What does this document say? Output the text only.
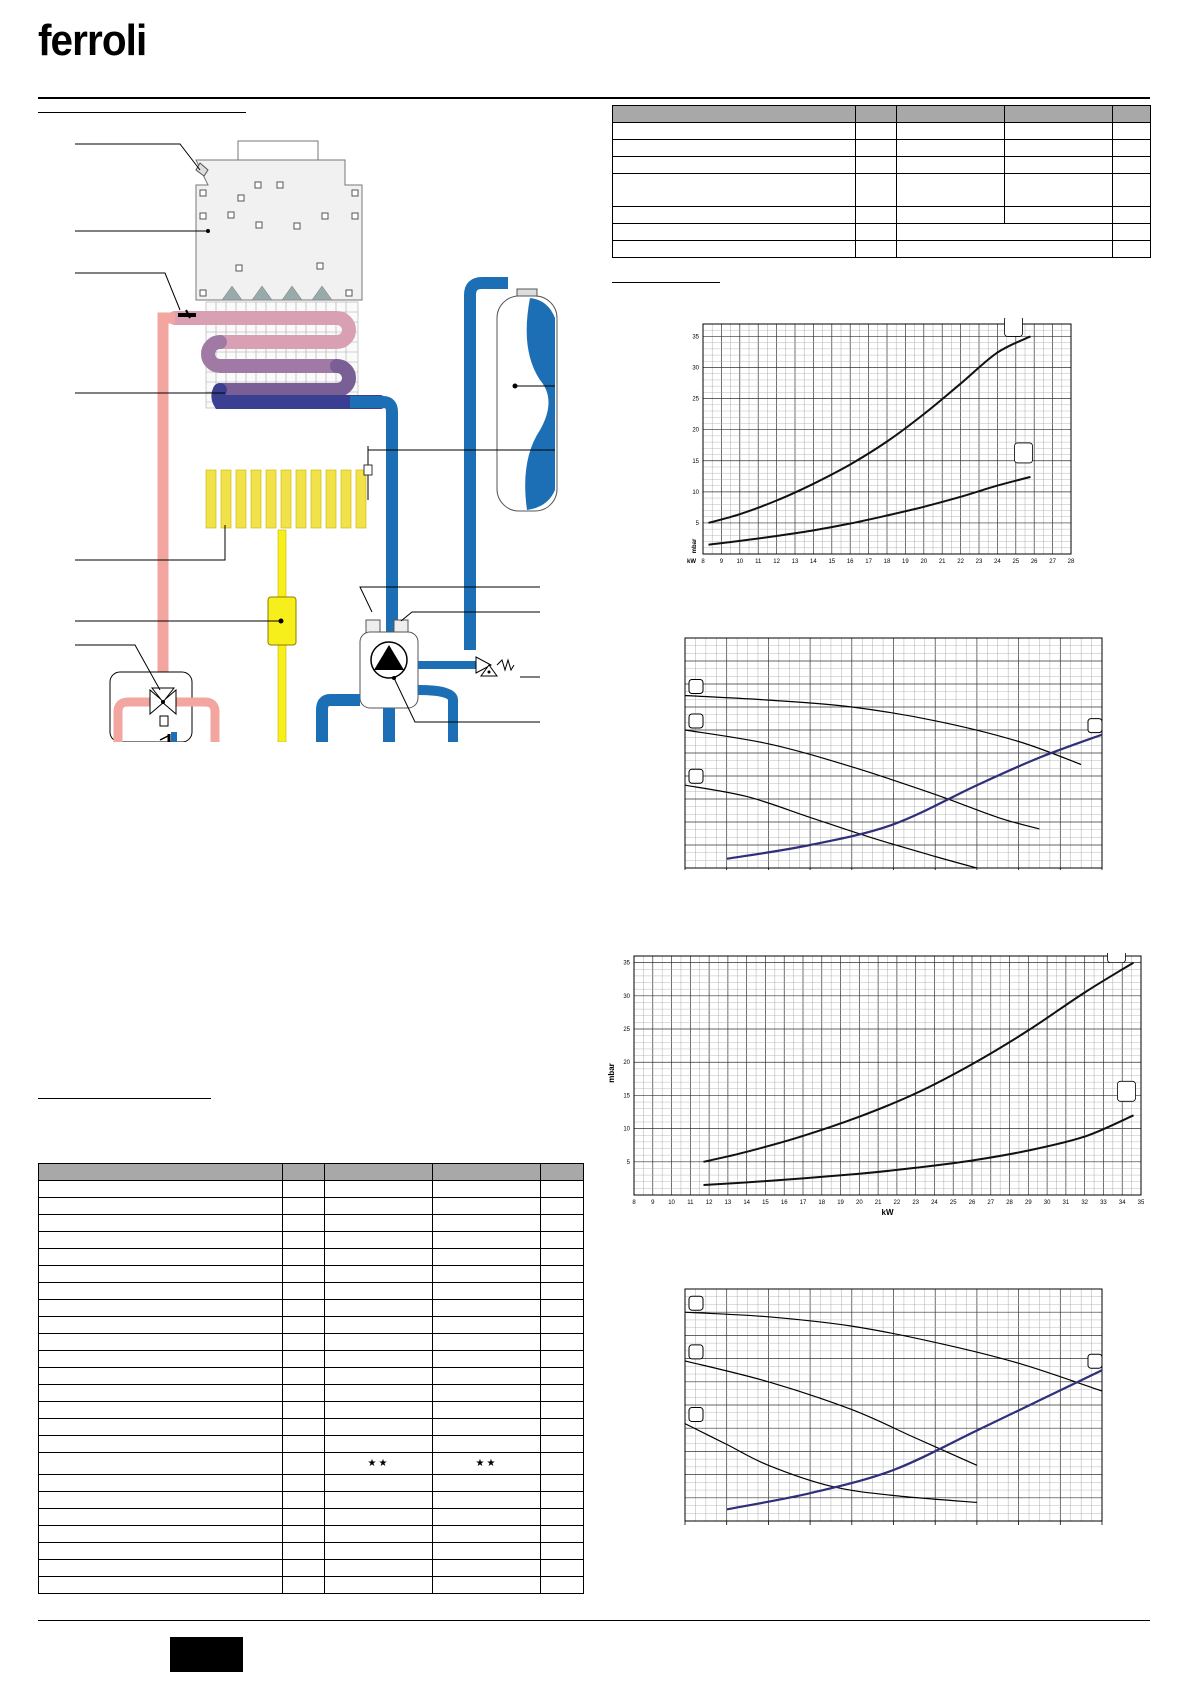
ferroli

		★★	★★	

8	9 10 11 12 13 14 15 16 17 18 19 20 21 22 23 24 25 26 27 28
5
10
15
20
25
30
35
mbar
kW
8	9 10 11 12 13 14 15 16 17 18 19 20 21 22 23 24 25 26 27 28 29 30 31 32 33 34 35
5
10
15
20
25
30
35
mbar
kW
